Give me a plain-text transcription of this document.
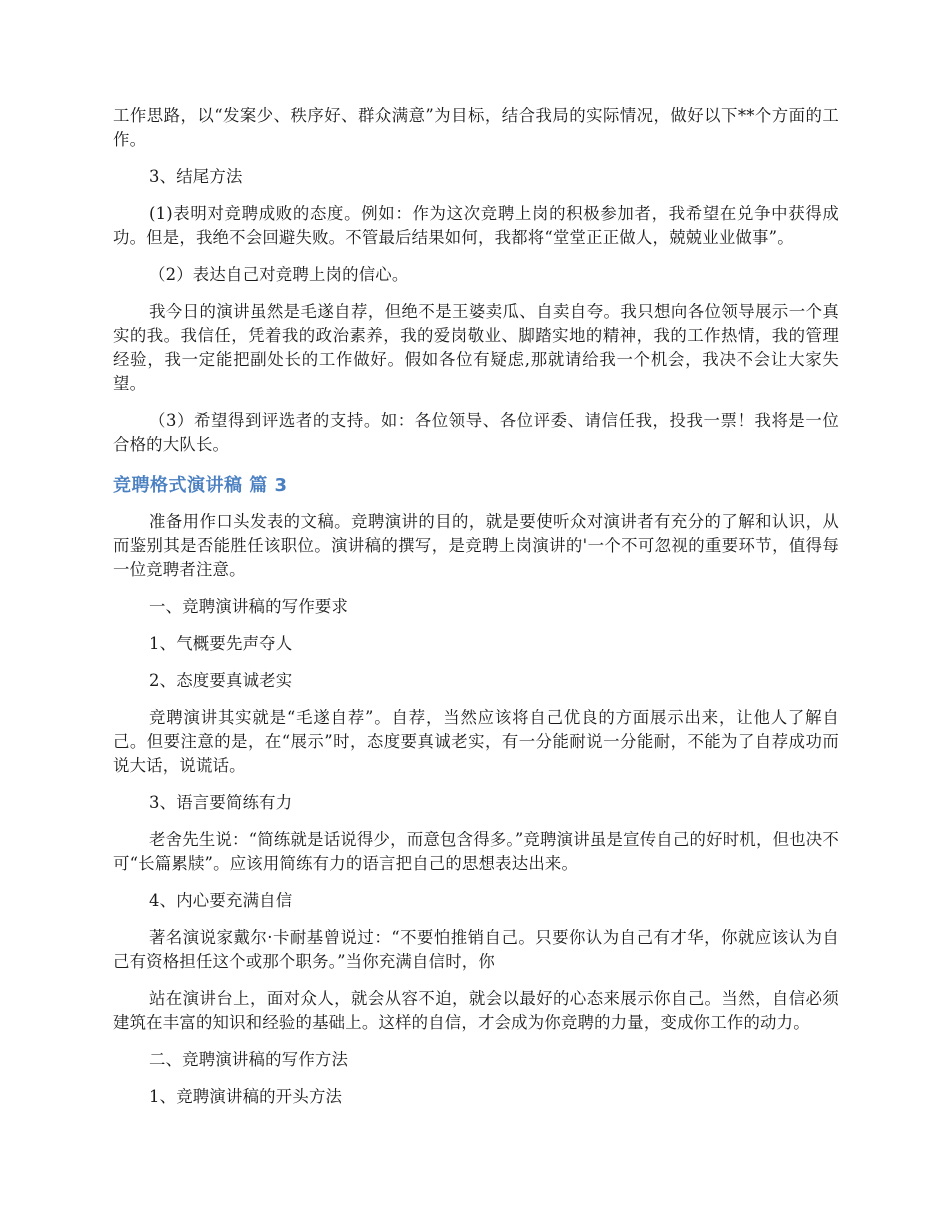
工作思路，以“发案少、秩序好、群众满意”为目标，结合我局的实际情况，做好以下**个方面的工作。

3、结尾方法

(1)表明对竞聘成败的态度。例如：作为这次竞聘上岗的积极参加者，我希望在兑争中获得成功。但是，我绝不会回避失败。不管最后结果如何，我都将“堂堂正正做人，兢兢业业做事”。

（2）表达自己对竞聘上岗的信心。

我今日的演讲虽然是毛遂自荐，但绝不是王婆卖瓜、自卖自夸。我只想向各位领导展示一个真实的我。我信任，凭着我的政治素养，我的爱岗敬业、脚踏实地的精神，我的工作热情，我的管理经验，我一定能把副处长的工作做好。假如各位有疑虑,那就请给我一个机会，我决不会让大家失望。

（3）希望得到评选者的支持。如：各位领导、各位评委、请信任我，投我一票！我将是一位合格的大队长。

竞聘格式演讲稿 篇 3

准备用作口头发表的文稿。竞聘演讲的目的，就是要使听众对演讲者有充分的了解和认识，从而鉴别其是否能胜任该职位。演讲稿的撰写，是竞聘上岗演讲的'一个不可忽视的重要环节，值得每一位竞聘者注意。

一、竞聘演讲稿的写作要求

1、气概要先声夺人

2、态度要真诚老实

竞聘演讲其实就是“毛遂自荐”。自荐，当然应该将自己优良的方面展示出来，让他人了解自己。但要注意的是，在“展示”时，态度要真诚老实，有一分能耐说一分能耐，不能为了自荐成功而说大话，说谎话。

3、语言要简练有力

老舍先生说：“简练就是话说得少，而意包含得多。”竞聘演讲虽是宣传自己的好时机，但也决不可“长篇累牍”。应该用简练有力的语言把自己的思想表达出来。

4、内心要充满自信

著名演说家戴尔·卡耐基曾说过：“不要怕推销自己。只要你认为自己有才华，你就应该认为自己有资格担任这个或那个职务。”当你充满自信时，你

站在演讲台上，面对众人，就会从容不迫，就会以最好的心态来展示你自己。当然，自信必须建筑在丰富的知识和经验的基础上。这样的自信，才会成为你竞聘的力量，变成你工作的动力。

二、竞聘演讲稿的写作方法

1、竞聘演讲稿的开头方法
